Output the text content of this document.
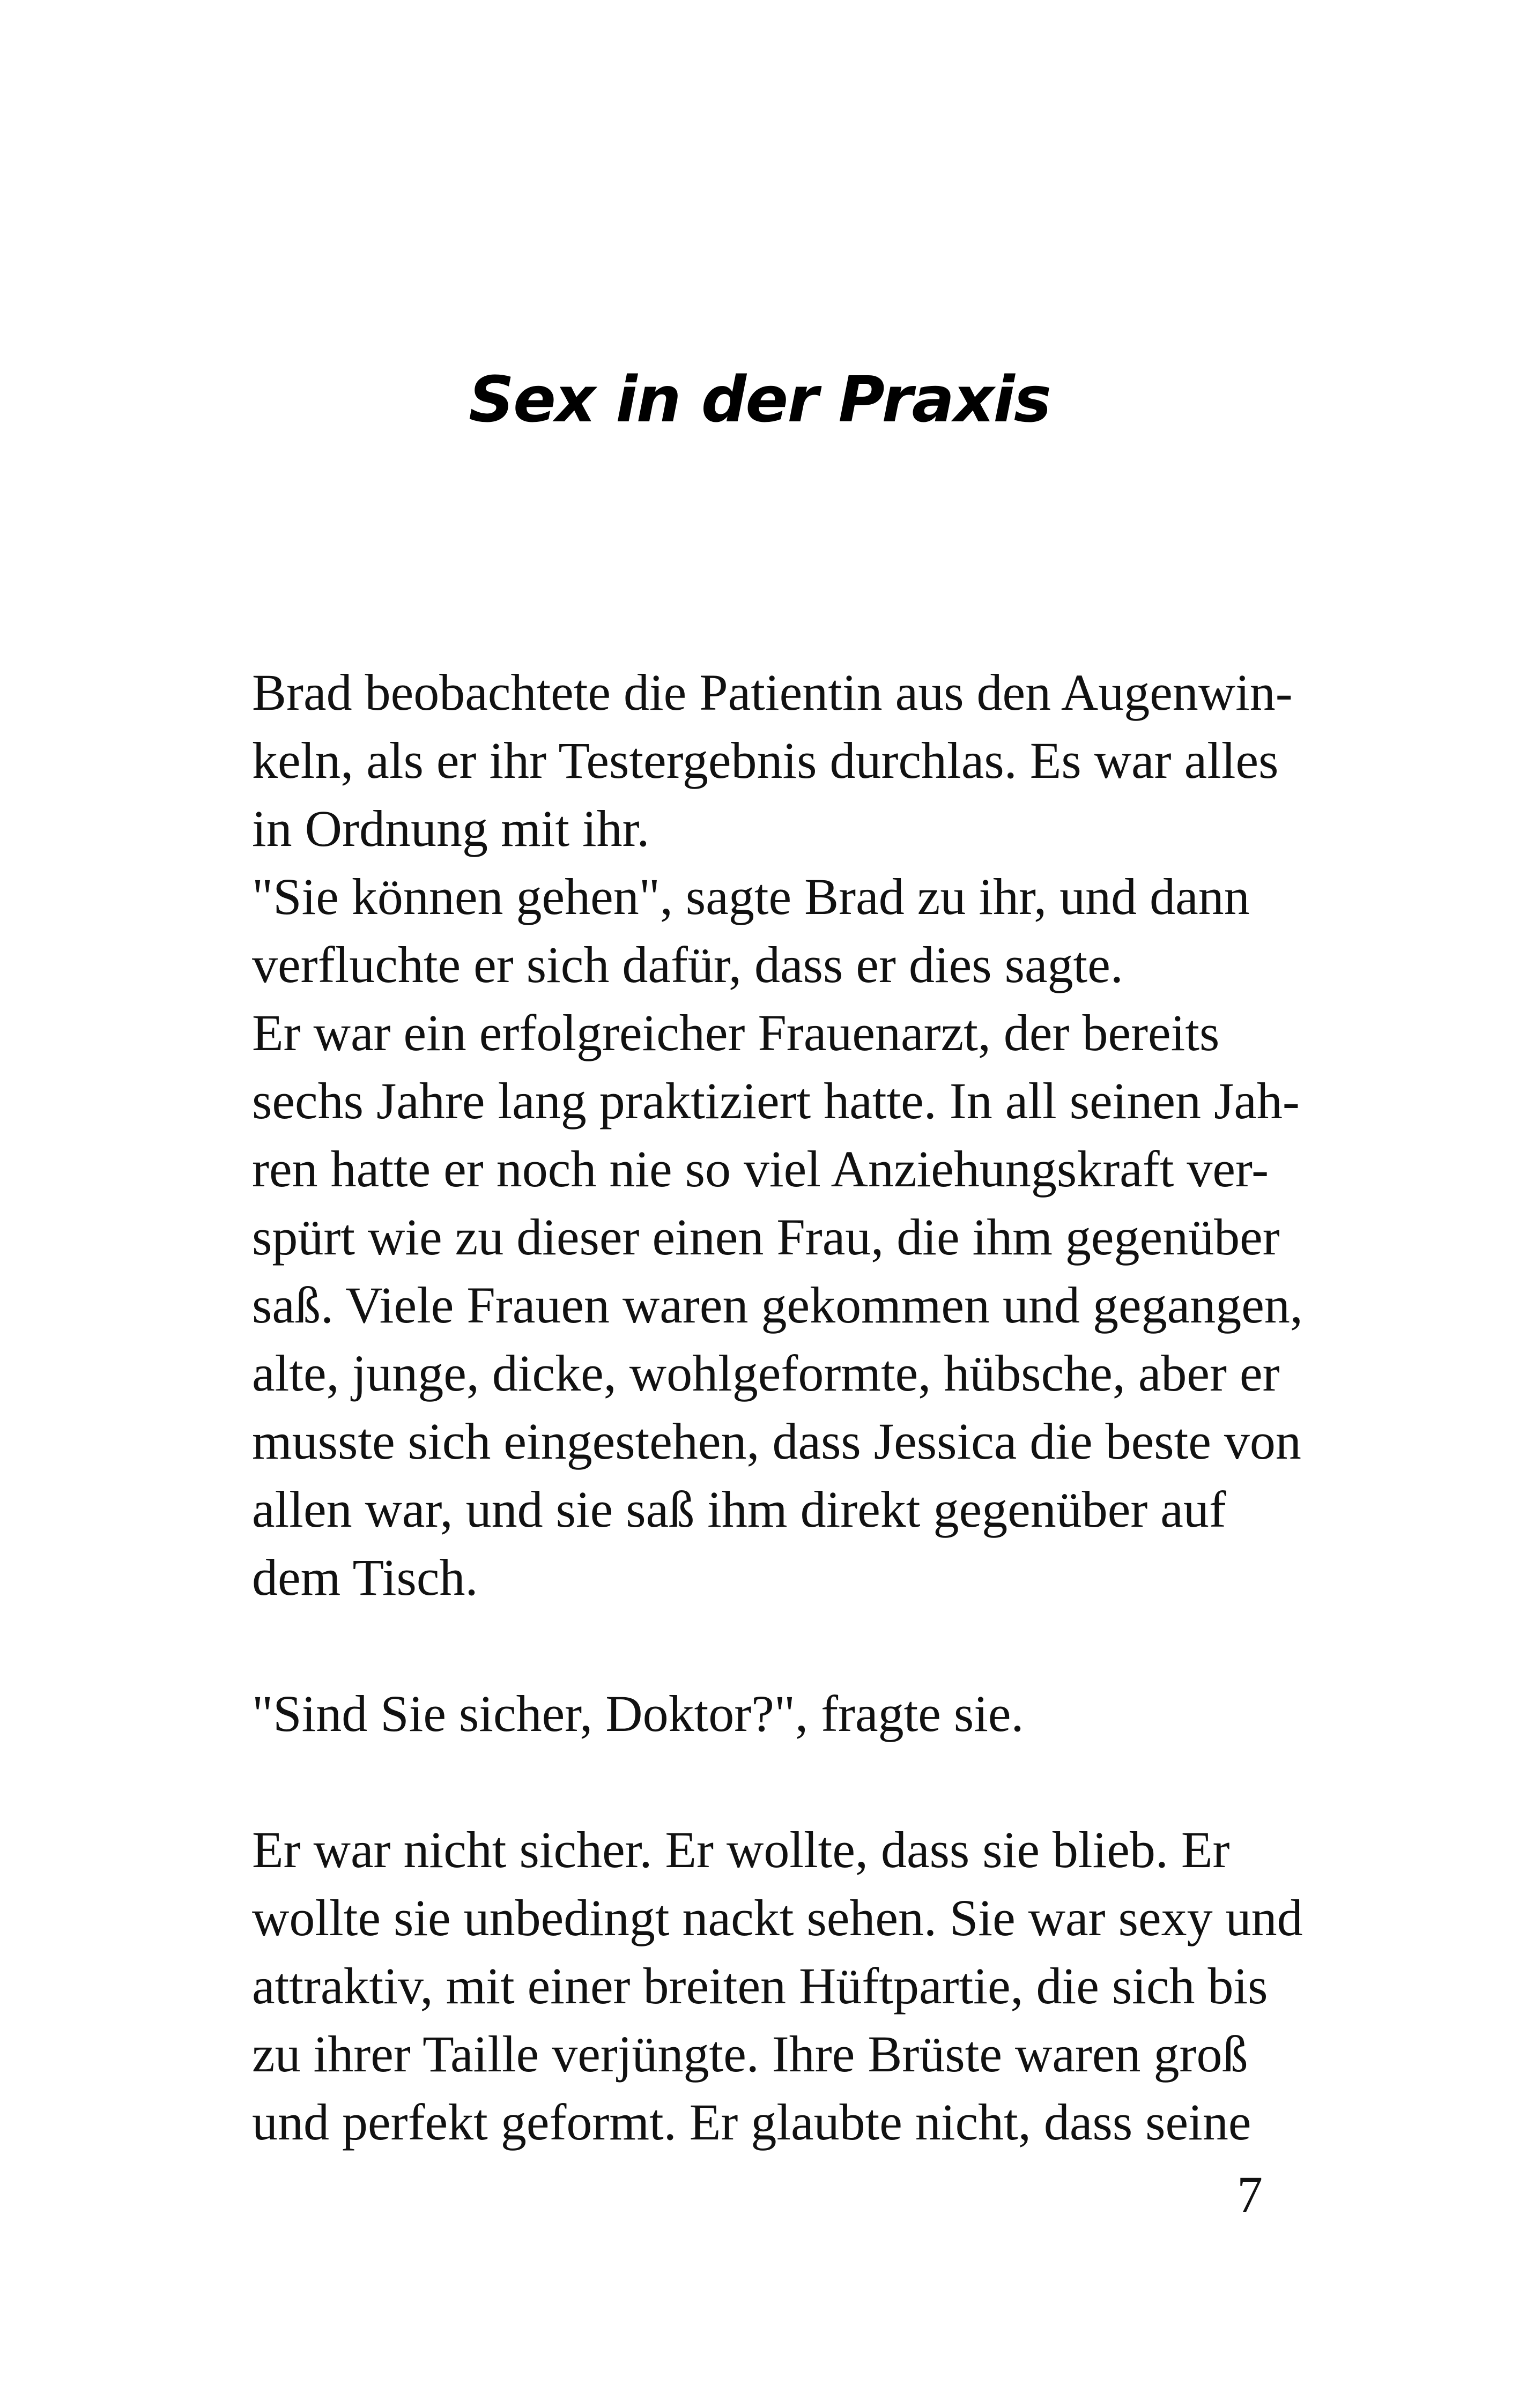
Sex in der Praxis
Brad beobachtete die Patientin aus den Augenwin-
keln, als er ihr Testergebnis durchlas. Es war alles
in Ordnung mit ihr.
"Sie können gehen", sagte Brad zu ihr, und dann
verfluchte er sich dafür, dass er dies sagte.
Er war ein erfolgreicher Frauenarzt, der bereits
sechs Jahre lang praktiziert hatte. In all seinen Jah-
ren hatte er noch nie so viel Anziehungskraft ver-
spürt wie zu dieser einen Frau, die ihm gegenüber
saß. Viele Frauen waren gekommen und gegangen,
alte, junge, dicke, wohlgeformte, hübsche, aber er
musste sich eingestehen, dass Jessica die beste von
allen war, und sie saß ihm direkt gegenüber auf
dem Tisch.
"Sind Sie sicher, Doktor?", fragte sie.
Er war nicht sicher. Er wollte, dass sie blieb. Er
wollte sie unbedingt nackt sehen. Sie war sexy und
attraktiv, mit einer breiten Hüftpartie, die sich bis
zu ihrer Taille verjüngte. Ihre Brüste waren groß
und perfekt geformt. Er glaubte nicht, dass seine
7
